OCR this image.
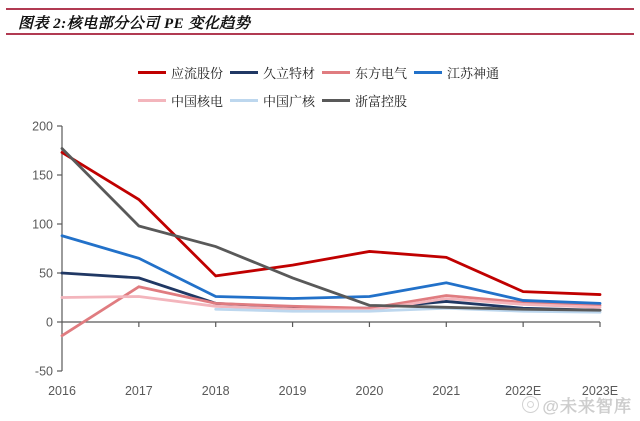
图表 2:核电部分公司 PE 变化趋势
应流股份	久立特材	东方电气	江苏神通
中国核电	中国广核	浙富控股
200
150
100
50
0
-50
2016	2017	2018	2019	2020	2021	2022E	2023E
@未来智库
